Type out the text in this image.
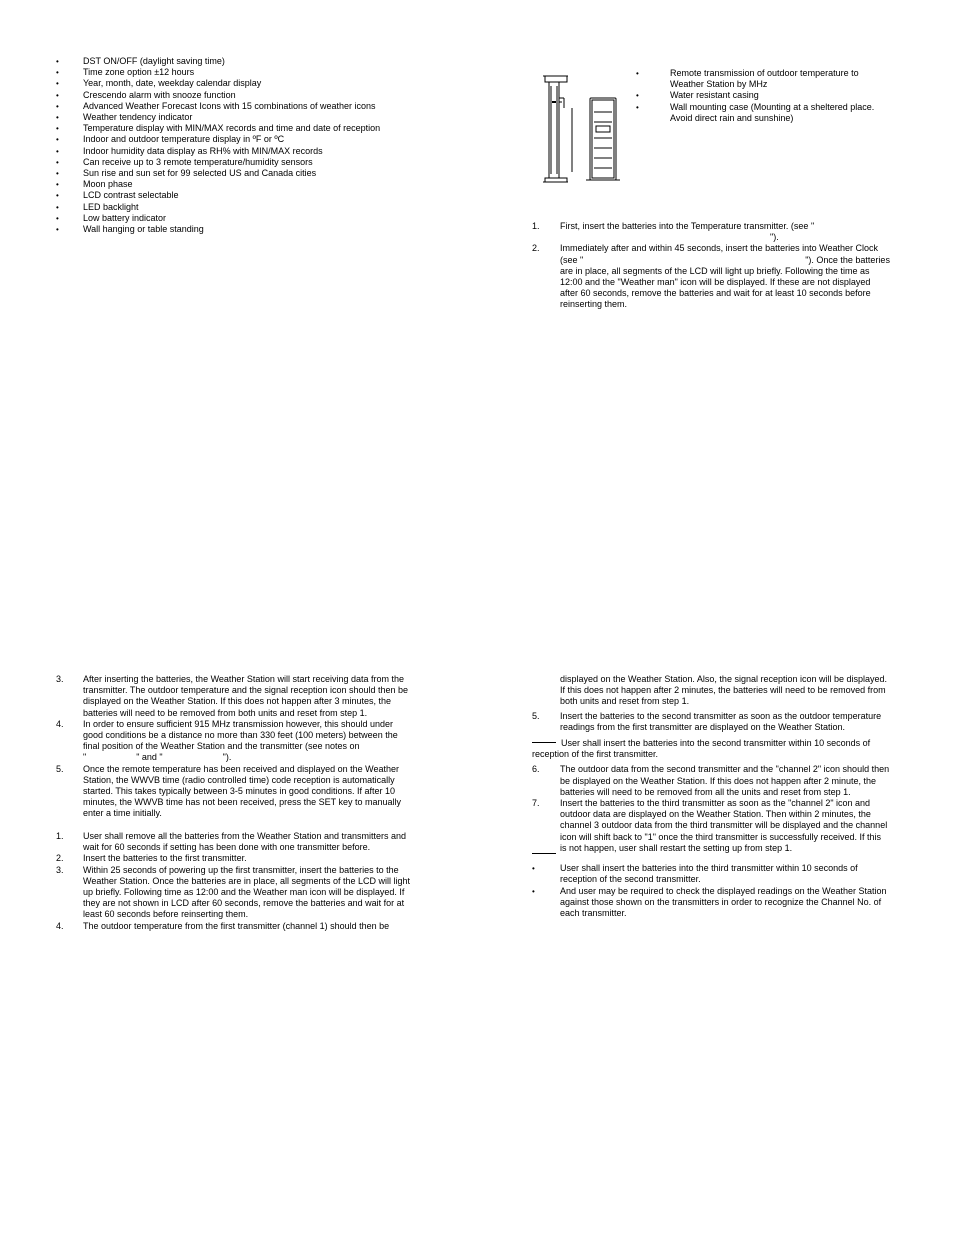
•	DST ON/OFF (daylight saving time)
•	Time zone option ±12 hours
•	Year, month, date, weekday calendar display
•	Crescendo alarm with snooze function
•	Advanced Weather Forecast Icons with 15 combinations of weather icons
•	Weather tendency indicator
•	Temperature display with MIN/MAX records and time and date of reception
•	Indoor and outdoor temperature display in ºF or ºC
•	Indoor humidity data display as RH% with MIN/MAX records
•	Can receive up to 3 remote temperature/humidity sensors
•	Sun rise and sun set for 99 selected US and Canada cities
•	Moon phase
•	LCD contrast selectable
•	LED backlight
•	Low battery indicator
•	Wall hanging or table standing
•	Remote transmission of outdoor temperature to
Weather Station by MHz
•	Water resistant casing
•	Wall mounting case (Mounting at a sheltered place.
Avoid direct rain and sunshine)
1. First, insert the batteries into the Temperature transmitter. (see "
").
2. Immediately after and within 45 seconds, insert the batteries into Weather Clock
(see "	"). Once the batteries
are in place, all segments of the LCD will light up briefly. Following the time as
12:00 and the "Weather man" icon will be displayed. If these are not displayed
after 60 seconds, remove the batteries and wait for at least 10 seconds before
reinserting them.
3. After inserting the batteries, the Weather Station will start receiving data from the
transmitter. The outdoor temperature and the signal reception icon should then be
displayed on the Weather Station. If this does not happen after 3 minutes, the
batteries will need to be removed from both units and reset from step 1.
4. In order to ensure sufficient 915 MHz transmission however, this should under
good conditions be a distance no more than 330 feet (100 meters) between the
final position of the Weather Station and the transmitter (see notes on
"	" and "	").
5. Once the remote temperature has been received and displayed on the Weather
Station, the WWVB time (radio controlled time) code reception is automatically
started. This takes typically between 3-5 minutes in good conditions. If after 10
minutes, the WWVB time has not been received, press the SET key to manually
enter a time initially.
1. User shall remove all the batteries from the Weather Station and transmitters and
wait for 60 seconds if setting has been done with one transmitter before.
2. Insert the batteries to the first transmitter.
3. Within 25 seconds of powering up the first transmitter, insert the batteries to the
Weather Station. Once the batteries are in place, all segments of the LCD will light
up briefly. Following time as 12:00 and the Weather man icon will be displayed. If
they are not shown in LCD after 60 seconds, remove the batteries and wait for at
least 60 seconds before reinserting them.
4. The outdoor temperature from the first transmitter (channel 1) should then be
displayed on the Weather Station. Also, the signal reception icon will be displayed.
If this does not happen after 2 minutes, the batteries will need to be removed from
both units and reset from step 1.
5. Insert the batteries to the second transmitter as soon as the outdoor temperature
readings from the first transmitter are displayed on the Weather Station.
User shall insert the batteries into the second transmitter within 10 seconds of
reception of the first transmitter.
6. The outdoor data from the second transmitter and the "channel 2" icon should then
be displayed on the Weather Station. If this does not happen after 2 minute, the
batteries will need to be removed from all the units and reset from step 1.
7. Insert the batteries to the third transmitter as soon as the "channel 2" icon and
outdoor data are displayed on the Weather Station. Then within 2 minutes, the
channel 3 outdoor data from the third transmitter will be displayed and the channel
icon will shift back to "1" once the third transmitter is successfully received. If this
is not happen, user shall restart the setting up from step 1.
•	User shall insert the batteries into the third transmitter within 10 seconds of
reception of the second transmitter.
•	And user may be required to check the displayed readings on the Weather Station
against those shown on the transmitters in order to recognize the Channel No. of
each transmitter.
